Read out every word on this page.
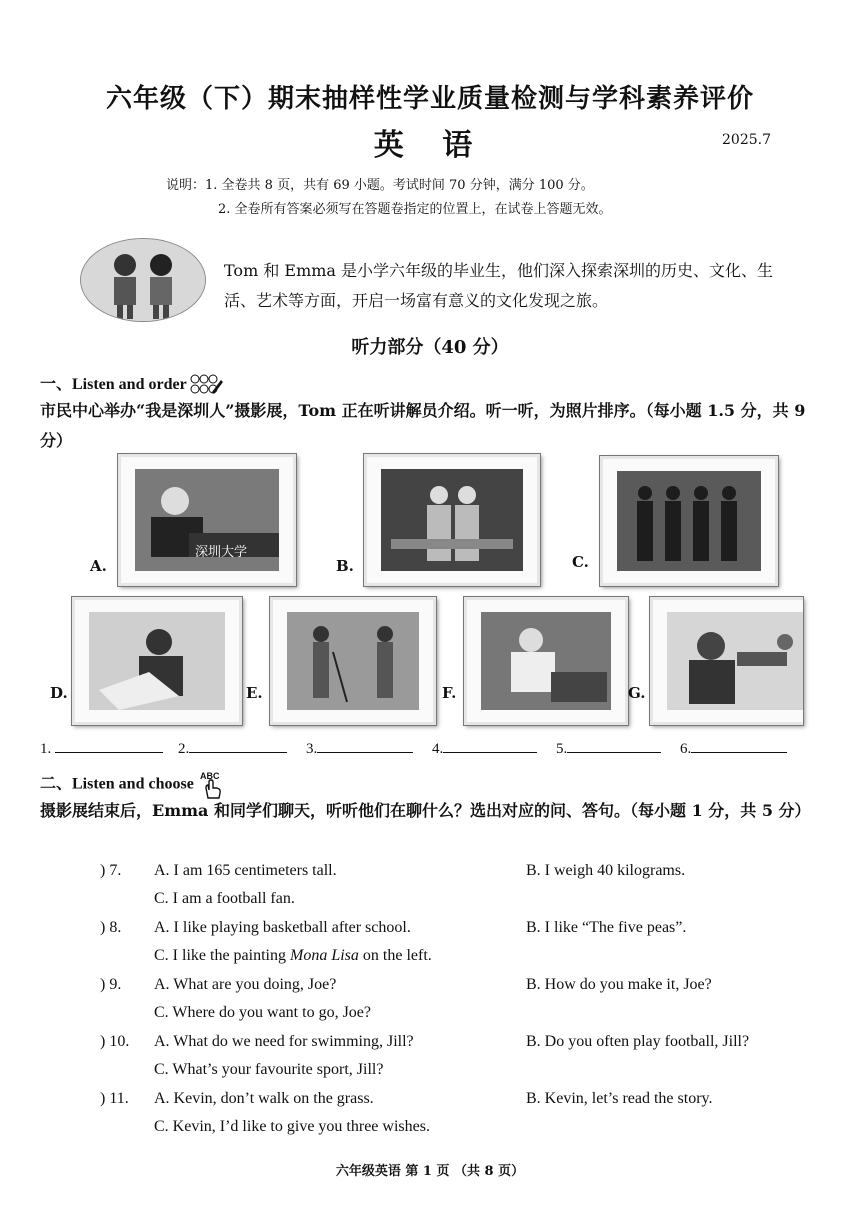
六年级（下）期末抽样性学业质量检测与学科素养评价
英 语	2025.7
说明：1. 全卷共 8 页，共有 69 小题。考试时间 70 分钟，满分 100 分。
2. 全卷所有答案必须写在答题卷指定的位置上，在试卷上答题无效。
Tom 和 Emma 是小学六年级的毕业生，他们深入探索深圳的历史、文化、生活、艺术等方面，开启一场富有意义的文化发现之旅。
听力部分（40 分）
一、Listen and order
市民中心举办“我是深圳人”摄影展，Tom 正在听讲解员介绍。听一听，为照片排序。（每小题 1.5 分，共 9 分）
A.
深圳大学
B.	C.
D.	E.	F.	G.
1.	2.	3.	4.	5.	6.
二、Listen and choose ABC
摄影展结束后，Emma 和同学们聊天，听听他们在聊什么？选出对应的问、答句。（每小题 1 分，共 5 分）
) 7. A. I am 165 centimeters tall.	B. I weigh 40 kilograms.
C. I am a football fan.
) 8. A. I like playing basketball after school.	B. I like “The five peas”.
C. I like the painting Mona Lisa on the left.
) 9. A. What are you doing, Joe?	B. How do you make it, Joe?
C. Where do you want to go, Joe?
) 10. A. What do we need for swimming, Jill?	B. Do you often play football, Jill?
C. What’s your favourite sport, Jill?
) 11. A. Kevin, don’t walk on the grass.	B. Kevin, let’s read the story.
C. Kevin, I’d like to give you three wishes.
六年级英语 第 1 页 （共 8 页）
